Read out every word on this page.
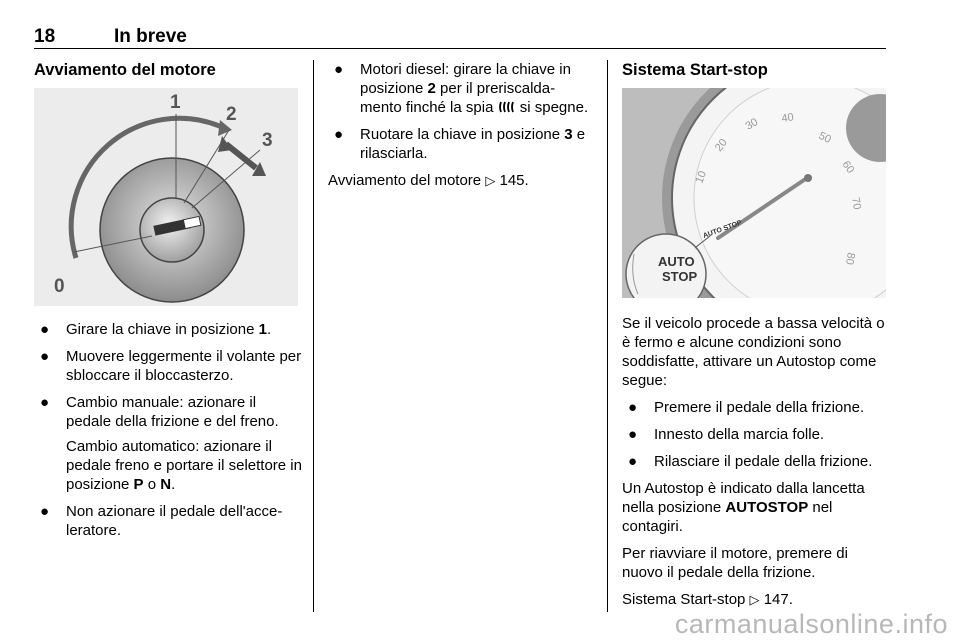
18	In breve
Avviamento del motore
0
1
2
3
● Girare la chiave in posizione 1.
● Muovere leggermente il volante per sbloccare il bloccasterzo.
● Cambio manuale: azionare il pedale della frizione e del freno.
Cambio automatico: azionare il pedale freno e portare il selettore in posizione P o N.
● Non azionare il pedale dell'acce- leratore.
● Motori diesel: girare la chiave in posizione 2 per il preriscalda- mento finché la spia  si spegne.
● Ruotare la chiave in posizione 3 e rilasciarla.
Avviamento del motore ▷ 145.
Sistema Start-stop
10
20
30 40
50
60
70
80
AUTO STOP
AUTO
STOP
Se il veicolo procede a bassa velocità o è fermo e alcune condizioni sono soddisfatte, attivare un Autostop come segue:
● Premere il pedale della frizione.
● Innesto della marcia folle.
● Rilasciare il pedale della frizione.
Un Autostop è indicato dalla lancetta nella posizione AUTOSTOP nel contagiri.
Per riavviare il motore, premere di nuovo il pedale della frizione.
Sistema Start-stop ▷ 147.
carmanualsonline.info
